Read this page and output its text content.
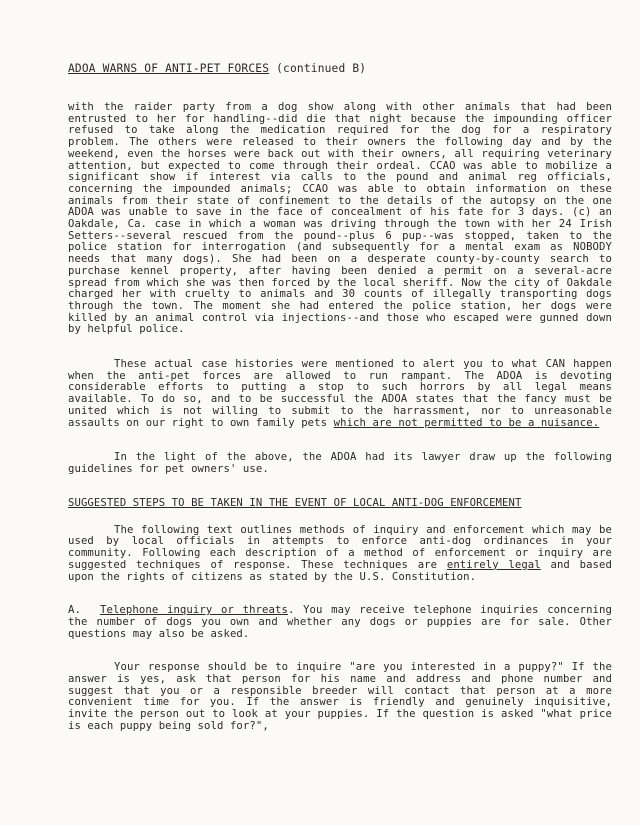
ADOA WARNS OF ANTI-PET FORCES (continued B)

with the raider party from a dog show along with other animals that had been entrusted to her for handling--did die that night because the impounding officer refused to take along the medication required for the dog for a respiratory problem. The others were released to their owners the following day and by the weekend, even the horses were back out with their owners, all requiring veterinary attention, but expected to come through their ordeal. CCAO was able to mobilize a significant show if interest via calls to the pound and animal reg officials, concerning the impounded animals; CCAO was able to obtain information on these animals from their state of confinement to the details of the autopsy on the one ADOA was unable to save in the face of concealment of his fate for 3 days. (c) an Oakdale, Ca. case in which a woman was driving through the town with her 24 Irish Setters--several rescued from the pound--plus 6 pup--was stopped, taken to the police station for interrogation (and subsequently for a mental exam as NOBODY needs that many dogs). She had been on a desperate county-by-county search to purchase kennel property, after having been denied a permit on a several-acre spread from which she was then forced by the local sheriff. Now the city of Oakdale charged her with cruelty to animals and 30 counts of illegally transporting dogs through the town. The moment she had entered the police station, her dogs were killed by an animal control via injections--and those who escaped were gunned down by helpful police.

These actual case histories were mentioned to alert you to what CAN happen when the anti-pet forces are allowed to run rampant. The ADOA is devoting considerable efforts to putting a stop to such horrors by all legal means available. To do so, and to be successful the ADOA states that the fancy must be united which is not willing to submit to the harrassment, nor to unreasonable assaults on our right to own family pets which are not permitted to be a nuisance.

In the light of the above, the ADOA had its lawyer draw up the following guidelines for pet owners' use.

SUGGESTED STEPS TO BE TAKEN IN THE EVENT OF LOCAL ANTI-DOG ENFORCEMENT

The following text outlines methods of inquiry and enforcement which may be used by local officials in attempts to enforce anti-dog ordinances in your community. Following each description of a method of enforcement or inquiry are suggested techniques of response. These techniques are entirely legal and based upon the rights of citizens as stated by the U.S. Constitution.

A. Telephone inquiry or threats. You may receive telephone inquiries concerning the number of dogs you own and whether any dogs or puppies are for sale. Other questions may also be asked.

Your response should be to inquire "are you interested in a puppy?" If the answer is yes, ask that person for his name and address and phone number and suggest that you or a responsible breeder will contact that person at a more convenient time for you. If the answer is friendly and genuinely inquisitive, invite the person out to look at your puppies. If the question is asked "what price is each puppy being sold for?",
